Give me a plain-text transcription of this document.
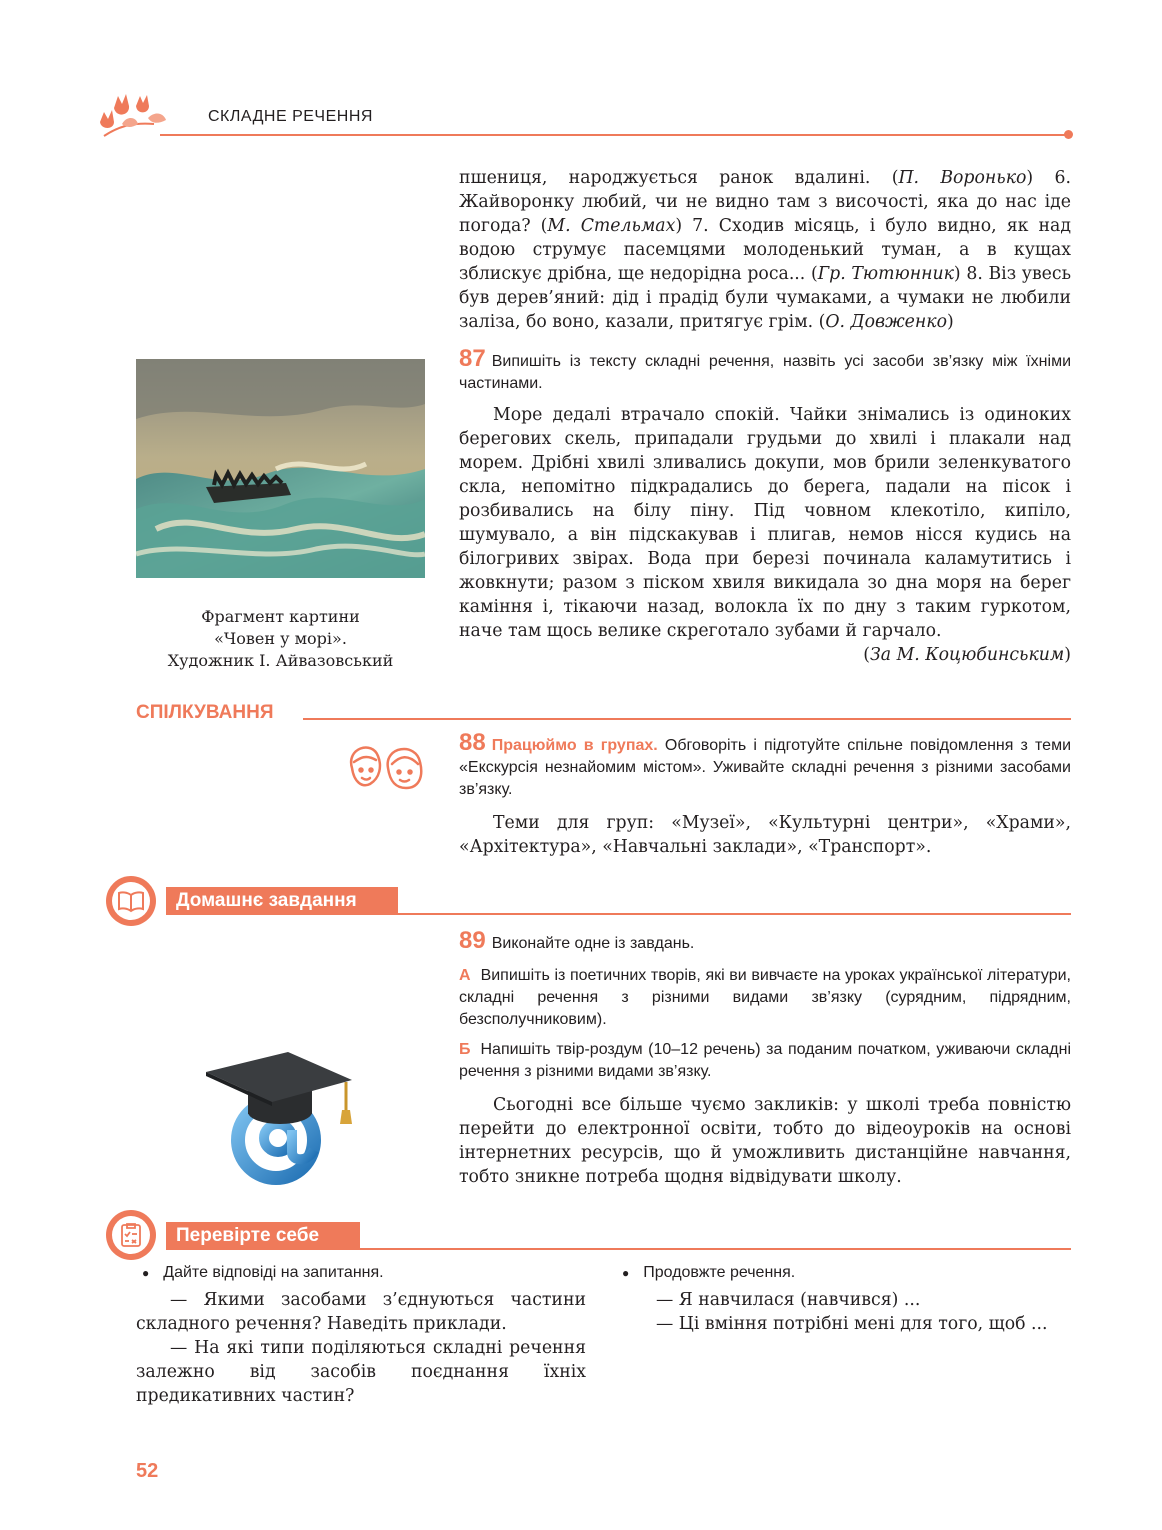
СКЛАДНЕ РЕЧЕННЯ

пшениця, народжується ранок вдалині. (П. Воронько) 6. Жайворонку любий, чи не видно там з височості, яка до нас іде погода? (М. Стельмах) 7. Сходив місяць, і було видно, як над водою струмує пасемцями молоденький туман, а в кущах зблискує дрібна, ще недорідна роса... (Гр. Тютюнник) 8. Віз увесь був дерев’яний: дід і прадід були чумаками, а чумаки не любили заліза, бо воно, казали, притягує грім. (О. Довженко)

Фрагмент картини
«Човен у морі».
Художник І. Айвазовський

87 Випишіть із тексту складні речення, назвіть усі засоби зв’язку між їхніми частинами.

Море дедалі втрачало спокій. Чайки знімались із одиноких берегових скель, припадали грудьми до хвилі і плакали над морем. Дрібні хвилі зливались докупи, мов брили зеленкуватого скла, непомітно підкрадались до берега, падали на пісок і розбивались на білу піну. Під човном клекотіло, кипіло, шумувало, а він підскакував і плигав, немов нісся кудись на білогривих звірах. Вода при березі починала каламутитись і жовкнути; разом з піском хвиля викидала зо дна моря на берег каміння і, тікаючи назад, волокла їх по дну з таким гуркотом, наче там щось велике скреготало зубами й гарчало.

(За М. Коцюбинським)

СПІЛКУВАННЯ

88 Працюймо в групах. Обговоріть і підготуйте спільне повідомлення з теми «Екскурсія незнайомим містом». Уживайте складні речення з різними засобами зв’язку.

Теми для груп: «Музеї», «Культурні центри», «Храми», «Архітектура», «Навчальні заклади», «Транспорт».

Домашнє завдання

89 Виконайте одне із завдань.

А Випишіть із поетичних творів, які ви вивчаєте на уроках української літератури, складні речення з різними видами зв’язку (сурядним, підрядним, безсполучниковим).

Б Напишіть твір-роздум (10–12 речень) за поданим початком, уживаючи складні речення з різними видами зв’язку.

Сьогодні все більше чуємо закликів: у школі треба повністю перейти до електронної освіти, тобто до відеоуроків на основі інтернетних ресурсів, що й уможливить дистанційне навчання, тобто зникне потреба щодня відвідувати школу.

Перевірте себе
● Дайте відповіді на запитання.

— Якими засобами з’єднуються частини складного речення? Наведіть приклади.

— На які типи поділяються складні речення залежно від засобів поєднання їхніх предикативних частин?

● Продовжте речення.

— Я навчилася (навчився) ...

— Ці вміння потрібні мені для того, щоб ...

52
